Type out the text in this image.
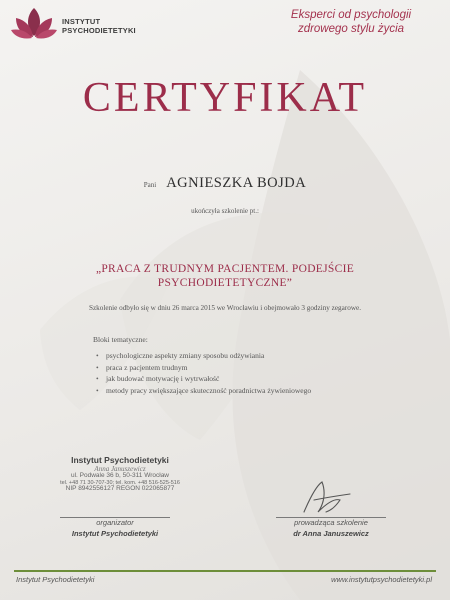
INSTYTUT
PSYCHODIETETYKI
Eksperci od psychologii
zdrowego stylu życia
CERTYFIKAT
Pani AGNIESZKA BOJDA
ukończyła szkolenie pt.:
„PRACA Z TRUDNYM PACJENTEM. PODEJŚCIE
PSYCHODIETETYCZNE”
Szkolenie odbyło się w dniu 26 marca 2015 we Wrocławiu i obejmowało 3 godziny zegarowe.
Bloki tematyczne:
• psychologiczne aspekty zmiany sposobu odżywiania
• praca z pacjentem trudnym
• jak budować motywację i wytrwałość
• metody pracy zwiększające skuteczność poradnictwa żywieniowego
Instytut Psychodietetyki
Anna Januszewicz
ul. Podwale 36 b, 50-311 Wrocław
tel. +48 71 30-707-30; tel. kom. +48 516-525-516
NIP 8942556127 REGON 022065877
organizator
Instytut Psychodietetyki
prowadząca szkolenie
dr Anna Januszewicz
Instytut Psychodietetyki	www.instytutpsychodietetyki.pl
